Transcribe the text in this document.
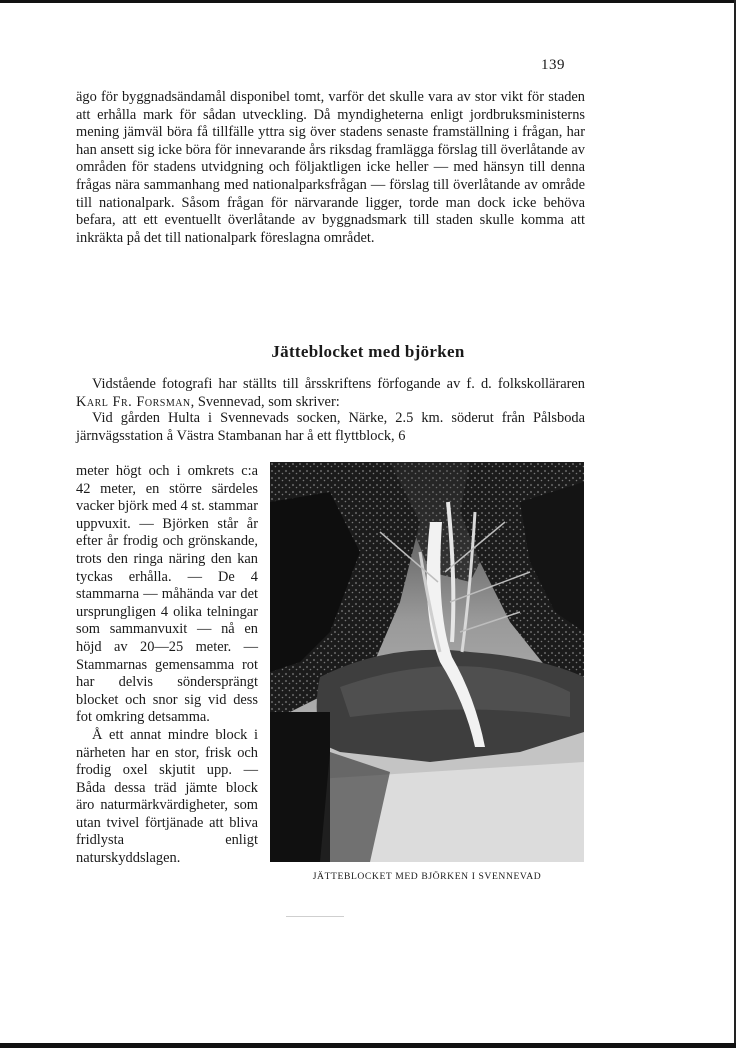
139

ägo för byggnadsändamål disponibel tomt, varför det skulle vara av stor vikt för staden att erhålla mark för sådan utveckling. Då myndigheterna enligt jordbruksministerns mening jämväl böra få tillfälle yttra sig över stadens senaste framställning i frågan, har han ansett sig icke böra för innevarande års riksdag framlägga förslag till överlåtande av områden för stadens utvidgning och följaktligen icke heller — med hänsyn till denna frågas nära sammanhang med nationalparksfrågan — förslag till överlåtande av område till nationalpark. Såsom frågan för närvarande ligger, torde man dock icke behöva befara, att ett eventuellt överlåtande av byggnadsmark till staden skulle komma att inkräkta på det till nationalpark föreslagna området.

Jätteblocket med björken

Vidstående fotografi har ställts till årsskriftens förfogande av f. d. folkskolläraren Karl Fr. Forsman, Svennevad, som skriver:

Vid gården Hulta i Svennevads socken, Närke, 2.5 km. söderut från Pålsboda järnvägsstation å Västra Stambanan har å ett flyttblock, 6

meter högt och i omkrets c:a 42 meter, en större särdeles vacker björk med 4 st. stammar uppvuxit. — Björken står år efter år frodig och grönskande, trots den ringa näring den kan tyckas erhålla. — De 4 stammarna — måhända var det ursprungligen 4 olika telningar som sammanvuxit — nå en höjd av 20—25 meter. — Stammarnas gemensamma rot har delvis söndersprängt blocket och snor sig vid dess fot omkring detsamma.

Å ett annat mindre block i närheten har en stor, frisk och frodig oxel skjutit upp. — Båda dessa träd jämte block äro naturmärkvärdigheter, som utan tvivel förtjänade att bliva fridlysta enligt naturskyddslagen.

JÄTTEBLOCKET MED BJÖRKEN I SVENNEVAD
